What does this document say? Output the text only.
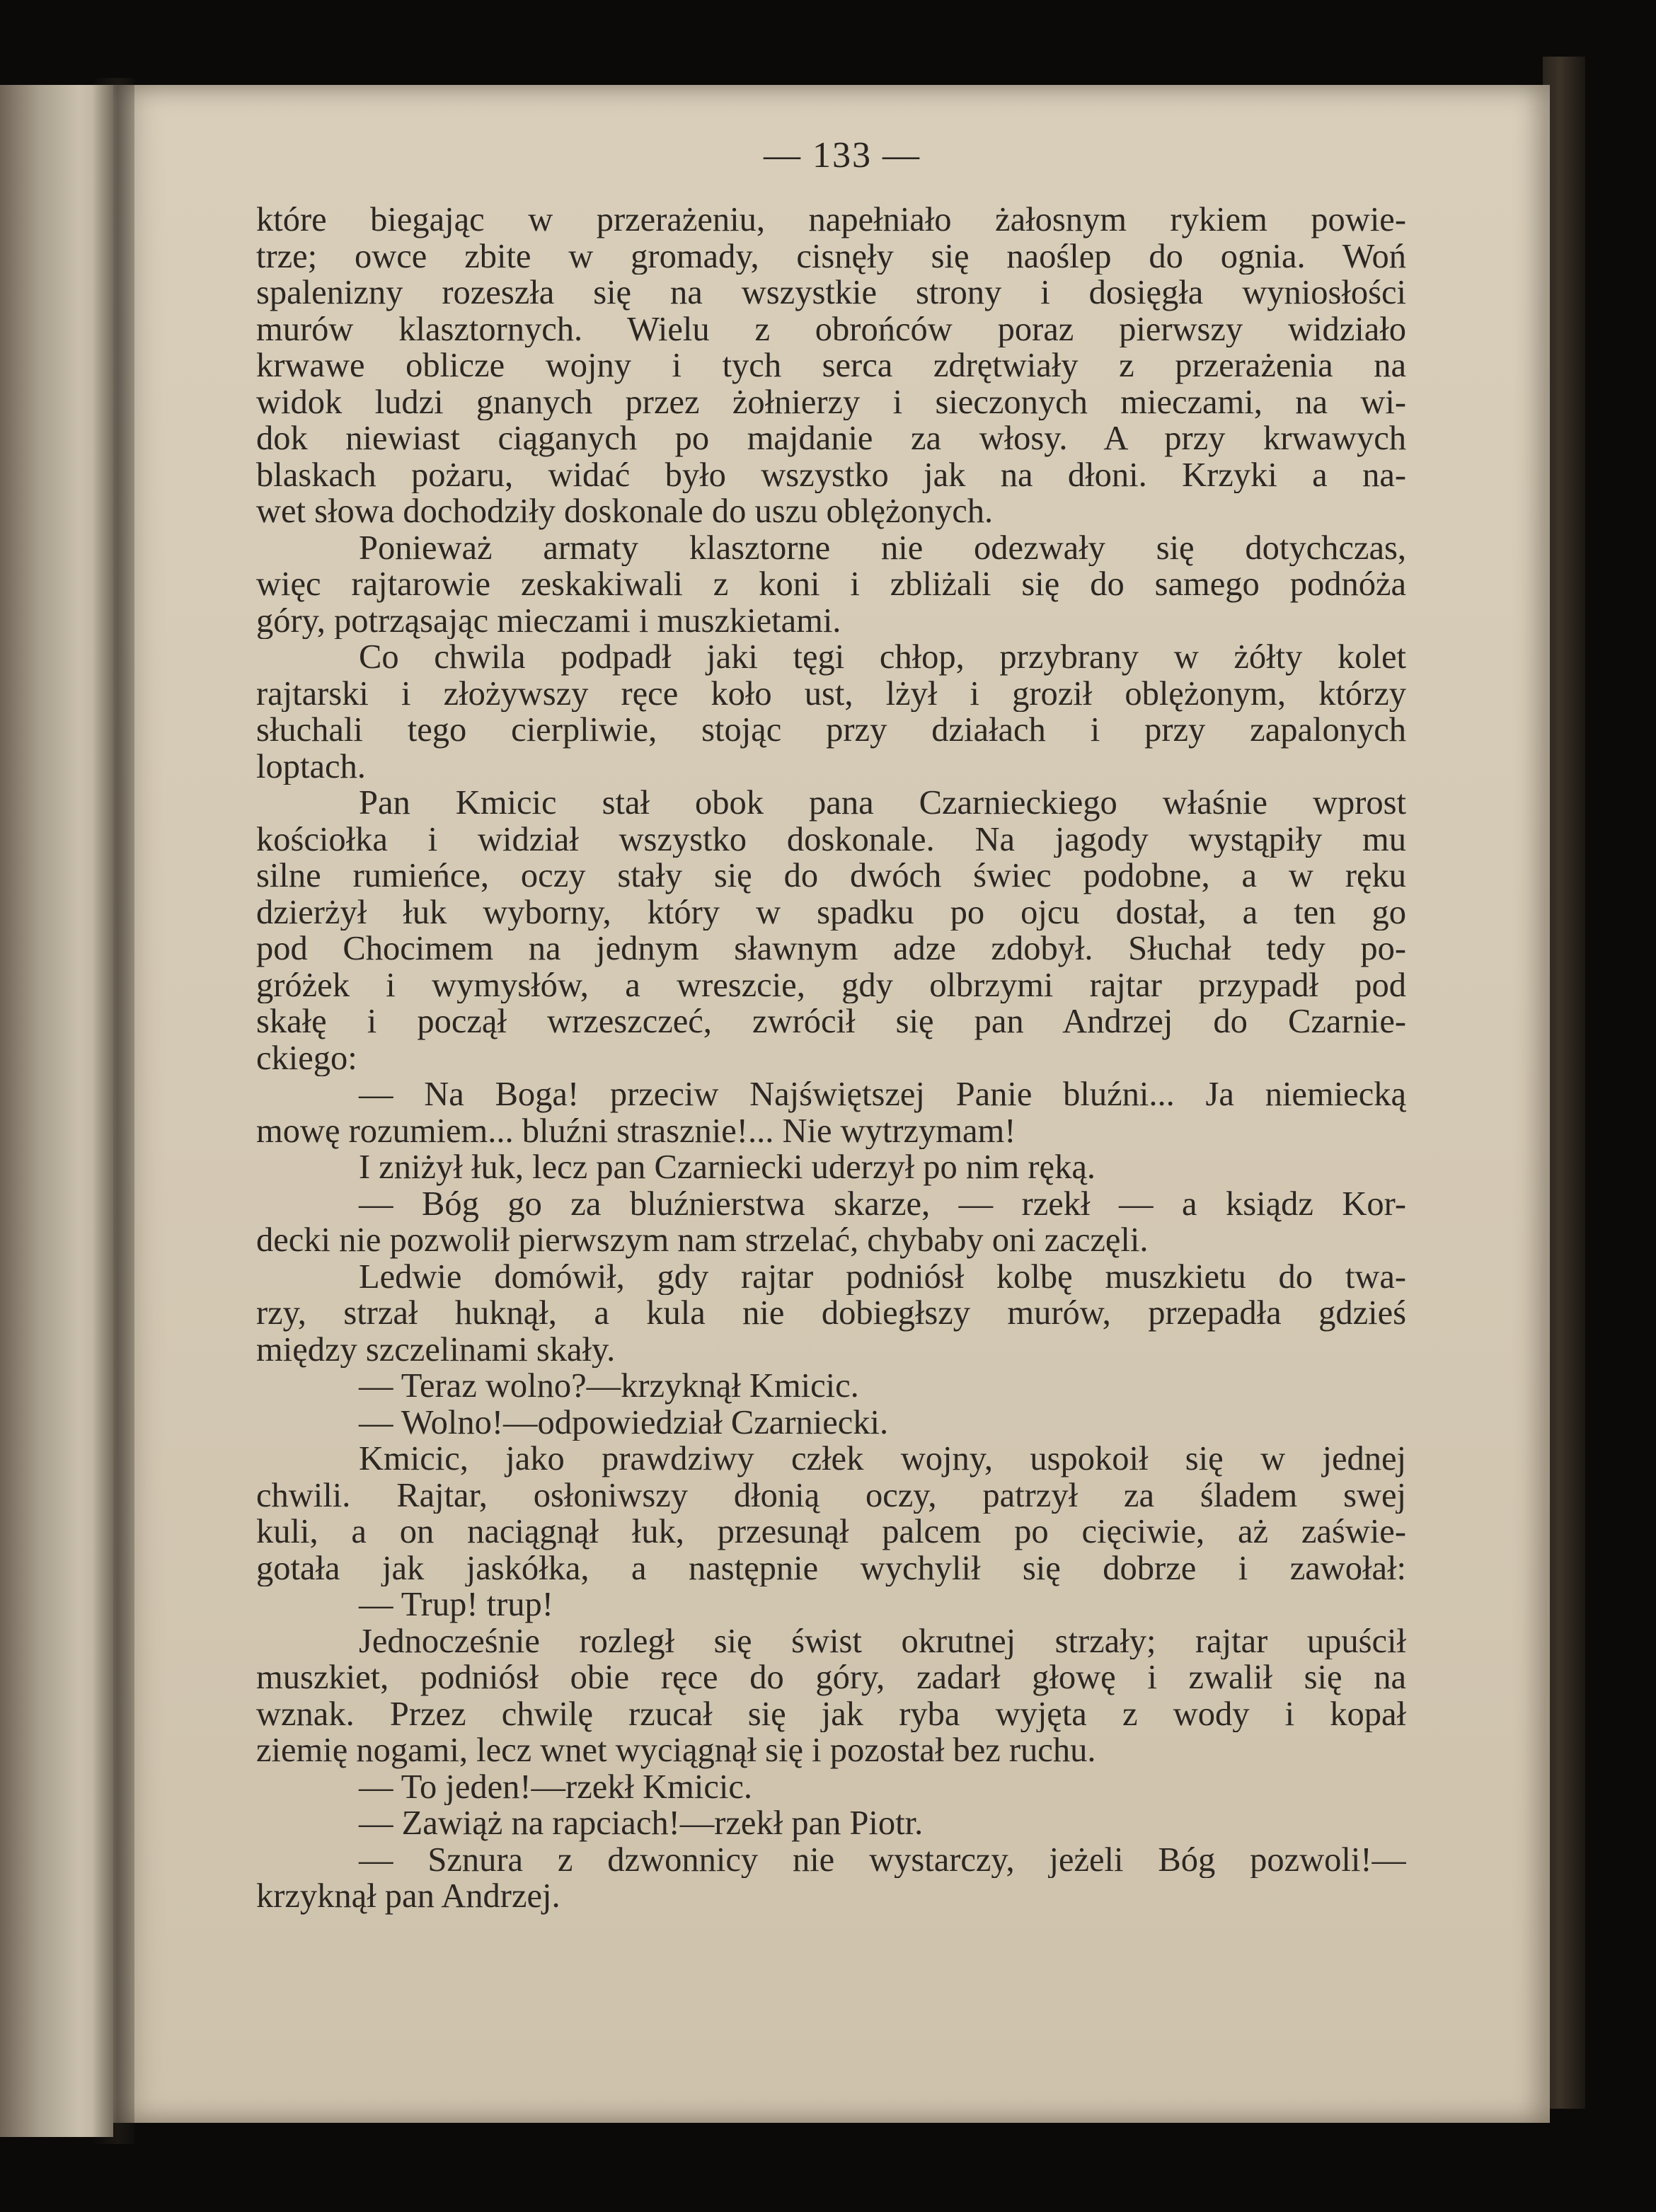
— 133 —
które biegając w przerażeniu, napełniało żałosnym rykiem powie-
trze; owce zbite w gromady, cisnęły się naoślep do ognia. Woń
spalenizny rozeszła się na wszystkie strony i dosięgła wyniosłości
murów klasztornych. Wielu z obrońców poraz pierwszy widziało
krwawe oblicze wojny i tych serca zdrętwiały z przerażenia na
widok ludzi gnanych przez żołnierzy i sieczonych mieczami, na wi-
dok niewiast ciąganych po majdanie za włosy. A przy krwawych
blaskach pożaru, widać było wszystko jak na dłoni. Krzyki a na-
wet słowa dochodziły doskonale do uszu oblężonych.
Ponieważ armaty klasztorne nie odezwały się dotychczas,
więc rajtarowie zeskakiwali z koni i zbliżali się do samego podnóża
góry, potrząsając mieczami i muszkietami.
Co chwila podpadł jaki tęgi chłop, przybrany w żółty kolet
rajtarski i złożywszy ręce koło ust, lżył i groził oblężonym, którzy
słuchali tego cierpliwie, stojąc przy działach i przy zapalonych
loptach.
Pan Kmicic stał obok pana Czarnieckiego właśnie wprost
kościołka i widział wszystko doskonale. Na jagody wystąpiły mu
silne rumieńce, oczy stały się do dwóch świec podobne, a w ręku
dzierżył łuk wyborny, który w spadku po ojcu dostał, a ten go
pod Chocimem na jednym sławnym adze zdobył. Słuchał tedy po-
gróżek i wymysłów, a wreszcie, gdy olbrzymi rajtar przypadł pod
skałę i począł wrzeszczeć, zwrócił się pan Andrzej do Czarnie-
ckiego:
— Na Boga! przeciw Najświętszej Panie bluźni... Ja niemiecką
mowę rozumiem... bluźni strasznie!... Nie wytrzymam!
I zniżył łuk, lecz pan Czarniecki uderzył po nim ręką.
— Bóg go za bluźnierstwa skarze, — rzekł — a ksiądz Kor-
decki nie pozwolił pierwszym nam strzelać, chybaby oni zaczęli.
Ledwie domówił, gdy rajtar podniósł kolbę muszkietu do twa-
rzy, strzał huknął, a kula nie dobiegłszy murów, przepadła gdzieś
między szczelinami skały.
— Teraz wolno?—krzyknął Kmicic.
— Wolno!—odpowiedział Czarniecki.
Kmicic, jako prawdziwy człek wojny, uspokoił się w jednej
chwili. Rajtar, osłoniwszy dłonią oczy, patrzył za śladem swej
kuli, a on naciągnął łuk, przesunął palcem po cięciwie, aż zaświe-
gotała jak jaskółka, a następnie wychylił się dobrze i zawołał:
— Trup! trup!
Jednocześnie rozległ się świst okrutnej strzały; rajtar upuścił
muszkiet, podniósł obie ręce do góry, zadarł głowę i zwalił się na
wznak. Przez chwilę rzucał się jak ryba wyjęta z wody i kopał
ziemię nogami, lecz wnet wyciągnął się i pozostał bez ruchu.
— To jeden!—rzekł Kmicic.
— Zawiąż na rapciach!—rzekł pan Piotr.
— Sznura z dzwonnicy nie wystarczy, jeżeli Bóg pozwoli!—
krzyknął pan Andrzej.
